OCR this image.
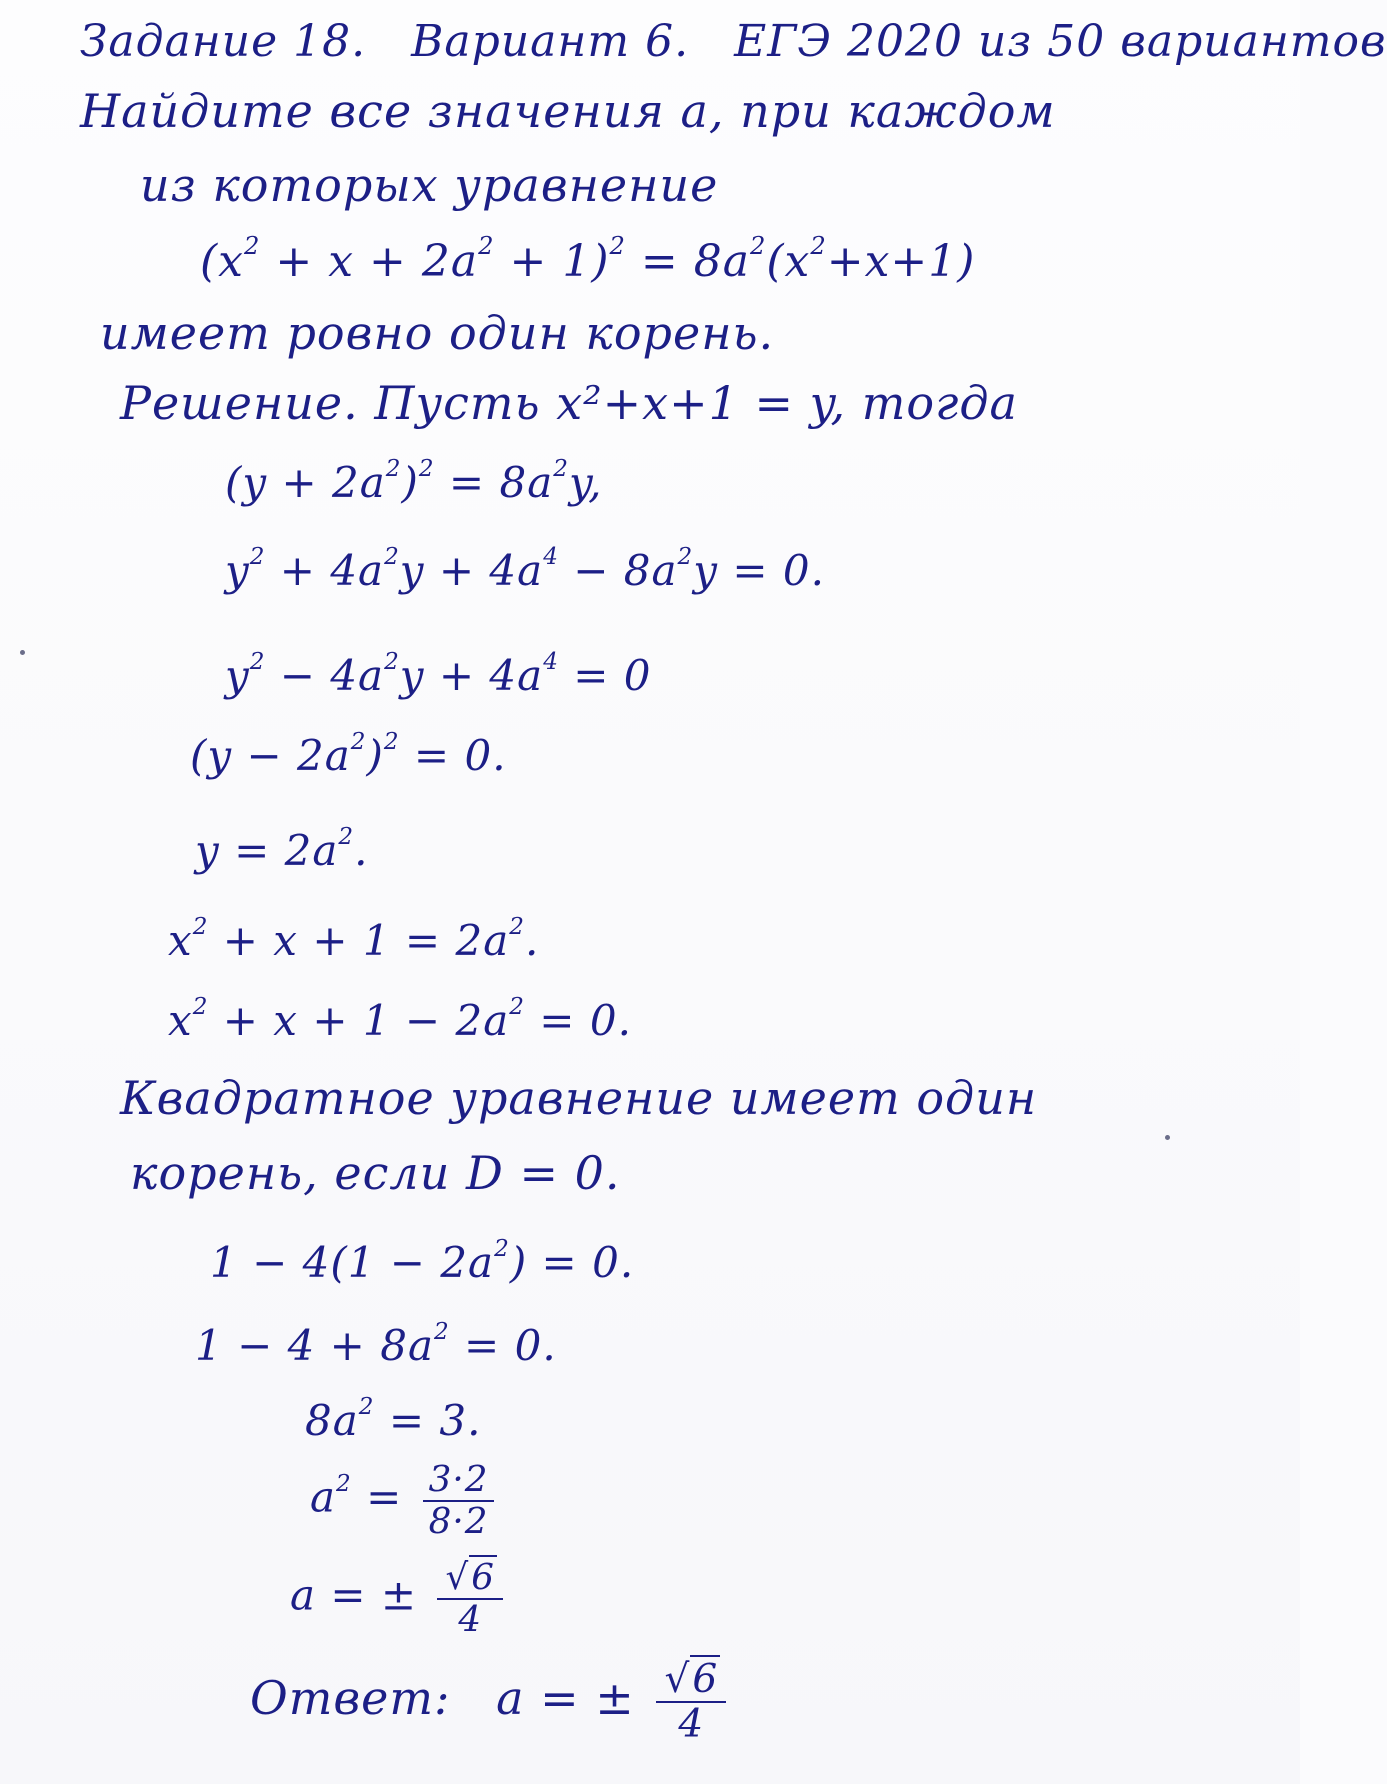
Задание 18. Вариант 6. ЕГЭ 2020 из 50 вариантов
Найдите все значения a, при каждом
из которых уравнение
$(x^2 + x + 2a^2 + 1)^2 = 8a^2(x^2+x+1)$
имеет ровно один корень.
Решение. Пусть x²+x+1 = y, тогда
$(y + 2a^2)^2 = 8a^2y$,
$y^2 + 4a^2y + 4a^4 - 8a^2y = 0$.
$y^2 - 4a^2y + 4a^4 = 0$
$(y - 2a^2)^2 = 0$.
$y = 2a^2$.
$x^2 + x + 1 = 2a^2$.
$x^2 + x + 1 - 2a^2 = 0$.
Квадратное уравнение имеет один
корень, если D = 0.
$1 - 4(1 - 2a^2) = 0$.
$1 - 4 + 8a^2 = 0$.
$8a^2 = 3$.
$a^2 = \frac{3\cdot 2}{8\cdot 2}$
a = ± $\frac{√6}{4}$
Ответ: a = ± $\frac{√6}{4}$
